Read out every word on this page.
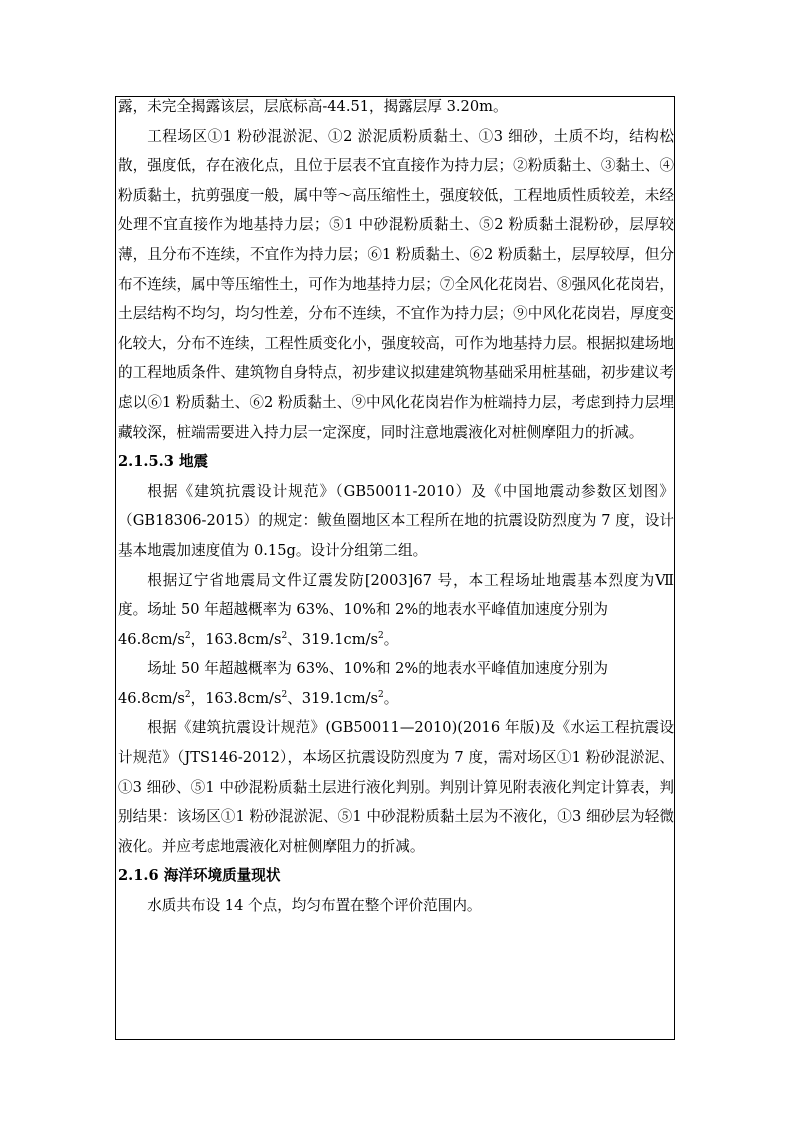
露，未完全揭露该层，层底标高-44.51，揭露层厚 3.20m。

工程场区①1 粉砂混淤泥、①2 淤泥质粉质黏土、①3 细砂，土质不均，结构松散，强度低，存在液化点，且位于层表不宜直接作为持力层；②粉质黏土、③黏土、④粉质黏土，抗剪强度一般，属中等～高压缩性土，强度较低，工程地质性质较差，未经处理不宜直接作为地基持力层；⑤1 中砂混粉质黏土、⑤2 粉质黏土混粉砂，层厚较薄，且分布不连续，不宜作为持力层；⑥1 粉质黏土、⑥2 粉质黏土，层厚较厚，但分布不连续，属中等压缩性土，可作为地基持力层；⑦全风化花岗岩、⑧强风化花岗岩，土层结构不均匀，均匀性差，分布不连续，不宜作为持力层；⑨中风化花岗岩，厚度变化较大，分布不连续，工程性质变化小，强度较高，可作为地基持力层。根据拟建场地的工程地质条件、建筑物自身特点，初步建议拟建建筑物基础采用桩基础，初步建议考虑以⑥1 粉质黏土、⑥2 粉质黏土、⑨中风化花岗岩作为桩端持力层，考虑到持力层埋藏较深，桩端需要进入持力层一定深度，同时注意地震液化对桩侧摩阻力的折减。

2.1.5.3 地震

根据《建筑抗震设计规范》（GB50011-2010）及《中国地震动参数区划图》（GB18306-2015）的规定：鲅鱼圈地区本工程所在地的抗震设防烈度为 7 度，设计基本地震加速度值为 0.15g。设计分组第二组。

根据辽宁省地震局文件辽震发防[2003]67 号，本工程场址地震基本烈度为Ⅶ度。场址 50 年超越概率为 63%、10%和 2%的地表水平峰值加速度分别为

$46.8cm/s^2$，$163.8cm/s^2$、$319.1cm/s^2$。

场址 50 年超越概率为 63%、10%和 2%的地表水平峰值加速度分别为

$46.8cm/s^2$，$163.8cm/s^2$、$319.1cm/s^2$。

根据《建筑抗震设计规范》(GB50011—2010)(2016 年版)及《水运工程抗震设计规范》（JTS146-2012），本场区抗震设防烈度为 7 度，需对场区①1 粉砂混淤泥、①3 细砂、⑤1 中砂混粉质黏土层进行液化判别。判别计算见附表液化判定计算表，判别结果：该场区①1 粉砂混淤泥、⑤1 中砂混粉质黏土层为不液化，①3 细砂层为轻微液化。并应考虑地震液化对桩侧摩阻力的折减。

2.1.6 海洋环境质量现状

水质共布设 14 个点，均匀布置在整个评价范围内。
